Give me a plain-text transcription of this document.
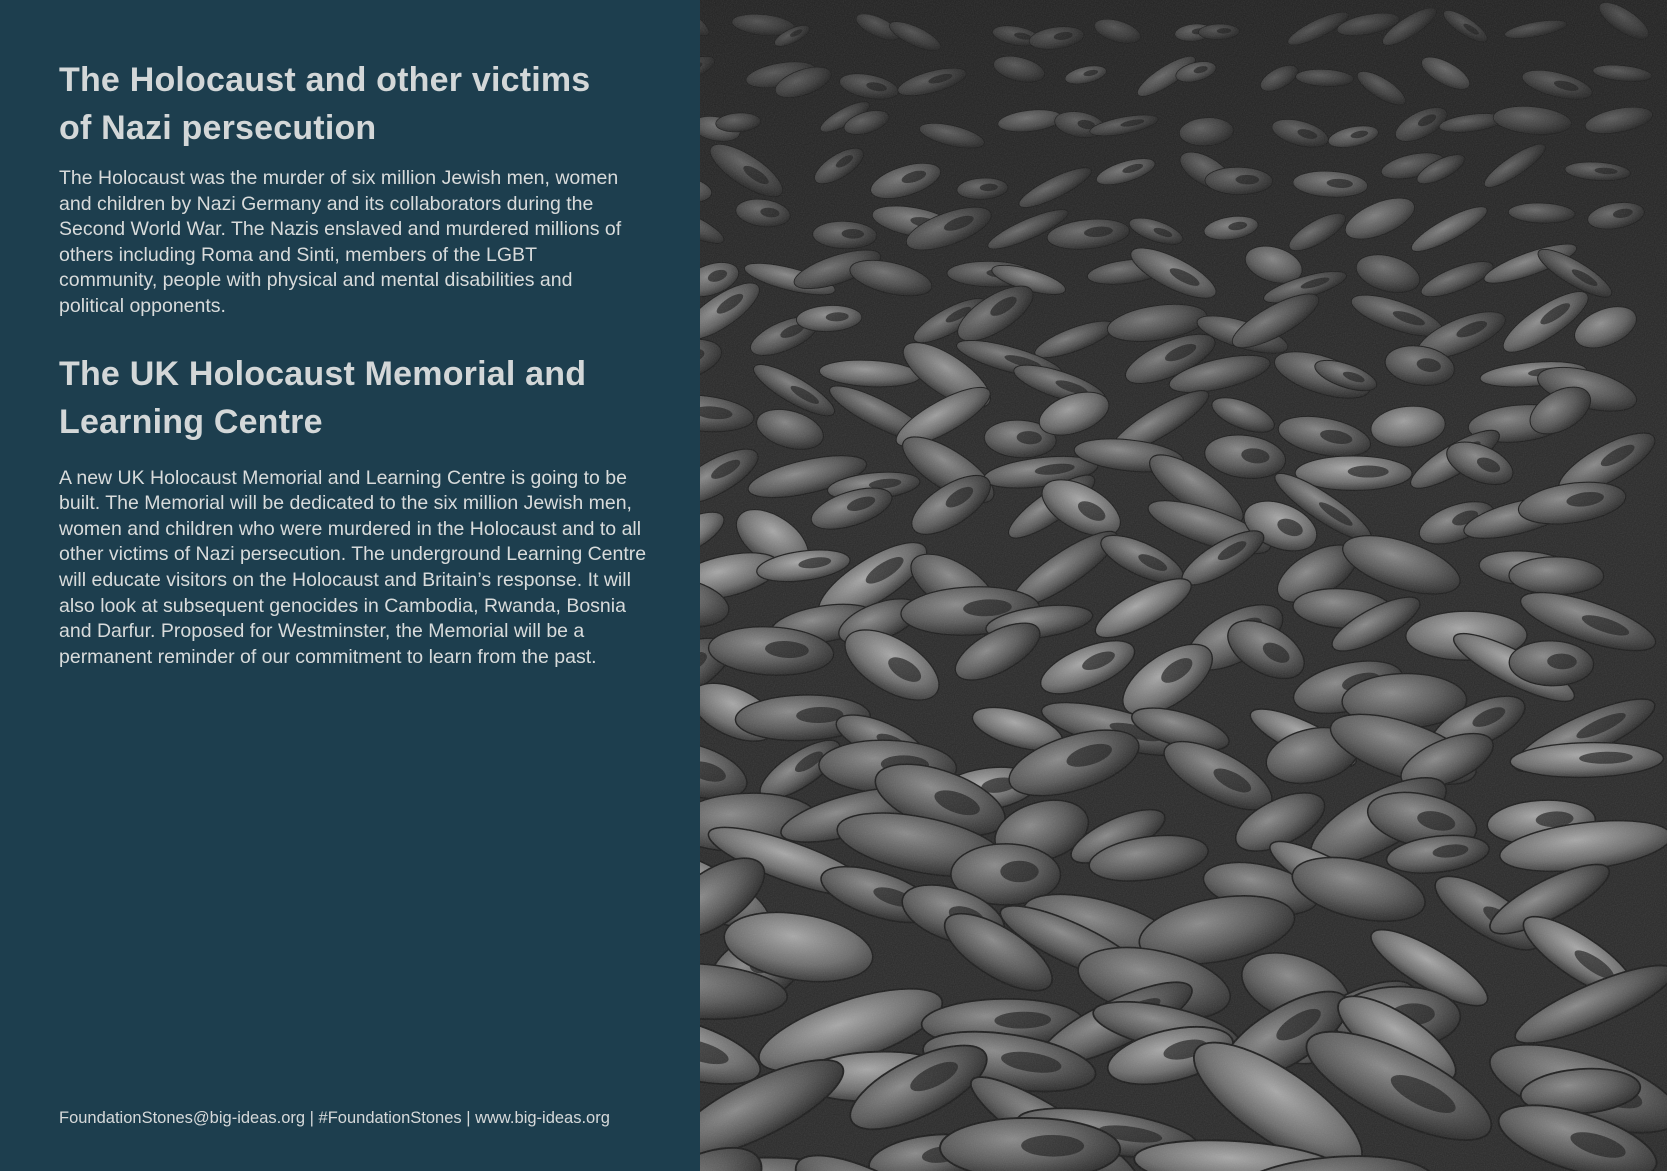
The Holocaust and other victims of Nazi persecution

The Holocaust was the murder of six million Jewish men, women and children by Nazi Germany and its collaborators during the Second World War. The Nazis enslaved and murdered millions of others including Roma and Sinti, members of the LGBT community, people with physical and mental disabilities and political opponents.

The UK Holocaust Memorial and Learning Centre

A new UK Holocaust Memorial and Learning Centre is going to be built. The Memorial will be dedicated to the six million Jewish men, women and children who were murdered in the Holocaust and to all other victims of Nazi persecution. The underground Learning Centre will educate visitors on the Holocaust and Britain’s response. It will also look at subsequent genocides in Cambodia, Rwanda, Bosnia and Darfur. Proposed for Westminster, the Memorial will be a permanent reminder of our commitment to learn from the past.

FoundationStones@big-ideas.org | #FoundationStones | www.big-ideas.org
